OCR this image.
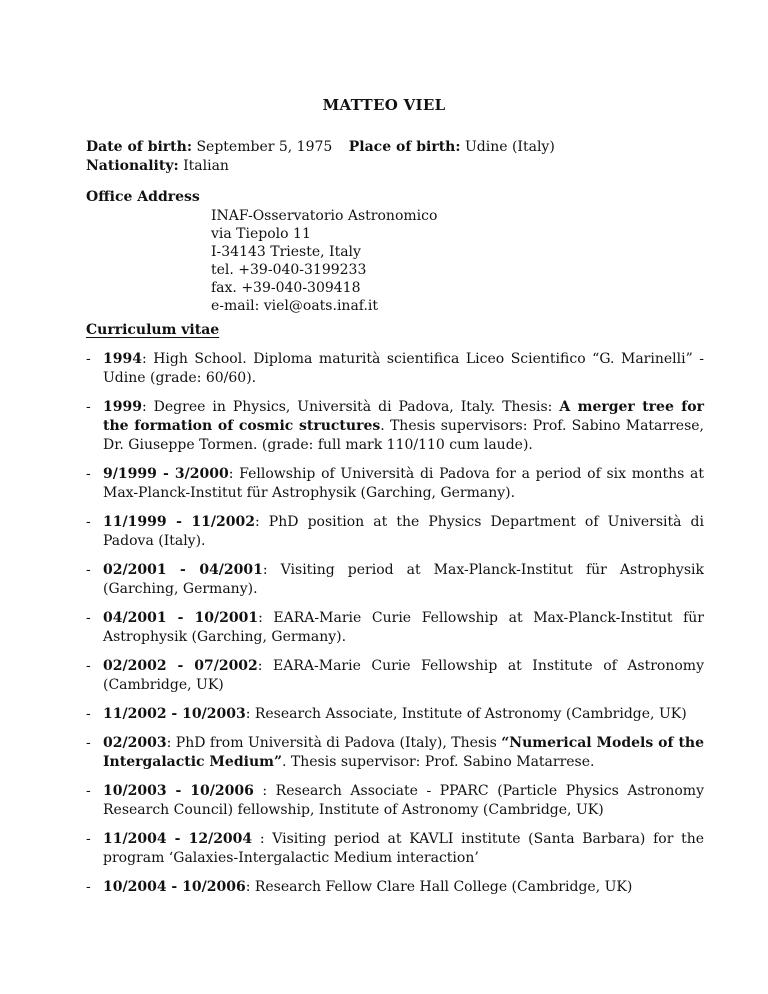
MATTEO VIEL
Date of birth: September 5, 1975 Place of birth: Udine (Italy)
Nationality: Italian
Office Address
INAF-Osservatorio Astronomico
via Tiepolo 11
I-34143 Trieste, Italy
tel. +39-040-3199233
fax. +39-040-309418
e-mail: viel@oats.inaf.it
Curriculum vitae
- 1994: High School. Diploma maturità scientifica Liceo Scientifico “G. Marinelli” - Udine (grade: 60/60).
- 1999: Degree in Physics, Università di Padova, Italy. Thesis: A merger tree for the formation of cosmic structures. Thesis supervisors: Prof. Sabino Matarrese, Dr. Giuseppe Tormen. (grade: full mark 110/110 cum laude).
- 9/1999 - 3/2000: Fellowship of Università di Padova for a period of six months at Max-Planck-Institut für Astrophysik (Garching, Germany).
- 11/1999 - 11/2002: PhD position at the Physics Department of Università di Padova (Italy).
- 02/2001 - 04/2001: Visiting period at Max-Planck-Institut für Astrophysik (Garching, Germany).
- 04/2001 - 10/2001: EARA-Marie Curie Fellowship at Max-Planck-Institut für Astrophysik (Garching, Germany).
- 02/2002 - 07/2002: EARA-Marie Curie Fellowship at Institute of Astronomy (Cambridge, UK)
- 11/2002 - 10/2003: Research Associate, Institute of Astronomy (Cambridge, UK)
- 02/2003: PhD from Università di Padova (Italy), Thesis “Numerical Models of the Intergalactic Medium”. Thesis supervisor: Prof. Sabino Matarrese.
- 10/2003 - 10/2006 : Research Associate - PPARC (Particle Physics Astronomy Research Council) fellowship, Institute of Astronomy (Cambridge, UK)
- 11/2004 - 12/2004 : Visiting period at KAVLI institute (Santa Barbara) for the program ‘Galaxies-Intergalactic Medium interaction’
- 10/2004 - 10/2006: Research Fellow Clare Hall College (Cambridge, UK)
